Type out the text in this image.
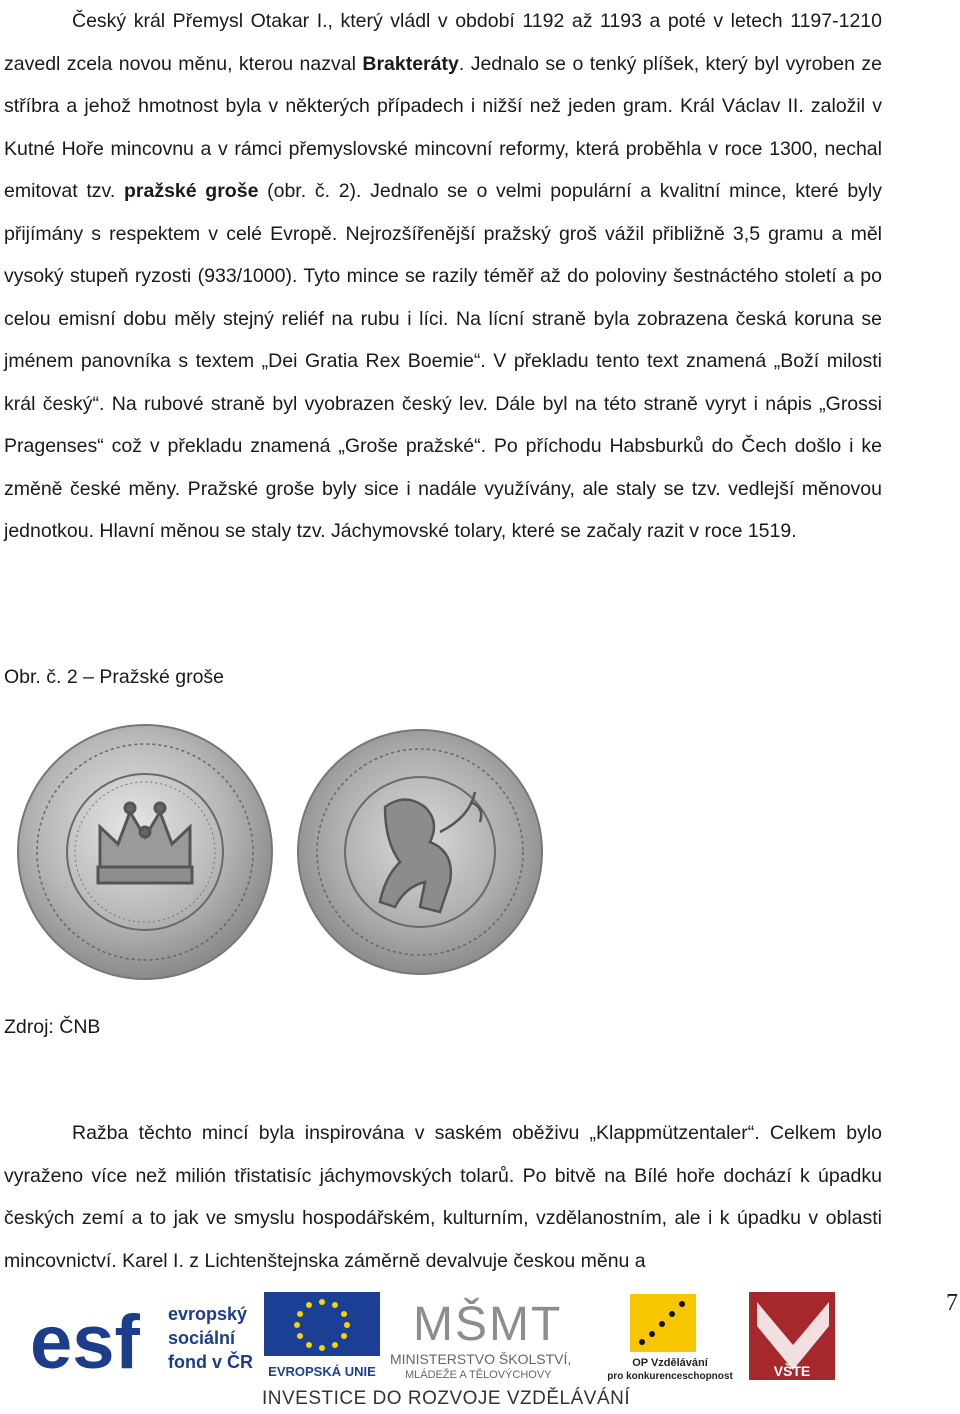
Český král Přemysl Otakar I., který vládl v období 1192 až 1193 a poté v letech 1197-1210 zavedl zcela novou měnu, kterou nazval Brakteráty. Jednalo se o tenký plíšek, který byl vyroben ze stříbra a jehož hmotnost byla v některých případech i nižší než jeden gram. Král Václav II. založil v Kutné Hoře mincovnu a v rámci přemyslovské mincovní reformy, která proběhla v roce 1300, nechal emitovat tzv. pražské groše (obr. č. 2). Jednalo se o velmi populární a kvalitní mince, které byly přijímány s respektem v celé Evropě. Nejrozšířenější pražský groš vážil přibližně 3,5 gramu a měl vysoký stupeň ryzosti (933/1000). Tyto mince se razily téměř až do poloviny šestnáctého století a po celou emisní dobu měly stejný reliéf na rubu i líci. Na lícní straně byla zobrazena česká koruna se jménem panovníka s textem „Dei Gratia Rex Boemie“. V překladu tento text znamená „Boží milosti král český“. Na rubové straně byl vyobrazen český lev. Dále byl na této straně vyryt i nápis „Grossi Pragenses“ což v překladu znamená „Groše pražské“. Po příchodu Habsburků do Čech došlo i ke změně české měny. Pražské groše byly sice i nadále využívány, ale staly se tzv. vedlejší měnovou jednotkou. Hlavní měnou se staly tzv. Jáchymovské tolary, které se začaly razit v roce 1519.

Obr. č. 2 – Pražské groše

Zdroj: ČNB

Ražba těchto mincí byla inspirována v saském oběživu „Klappmützentaler“. Celkem bylo vyraženo více než milión třistatisíc jáchymovských tolarů. Po bitvě na Bílé hoře dochází k úpadku českých zemí a to jak ve smyslu hospodářském, kulturním, vzdělanostním, ale i k úpadku v oblasti mincovnictví. Karel I. z Lichtenštejnska záměrně devalvuje českou měnu a

7
esf evropský
sociální
fond v ČR EVROPSKÁ UNIE
MŠMT
MINISTERSTVO ŠKOLSTVÍ,
MLÁDEŽE A TĚLOVÝCHOVY
OP Vzdělávání
pro konkurenceschopnost	VŠTE
INVESTICE DO ROZVOJE VZDĚLÁVÁNÍ
